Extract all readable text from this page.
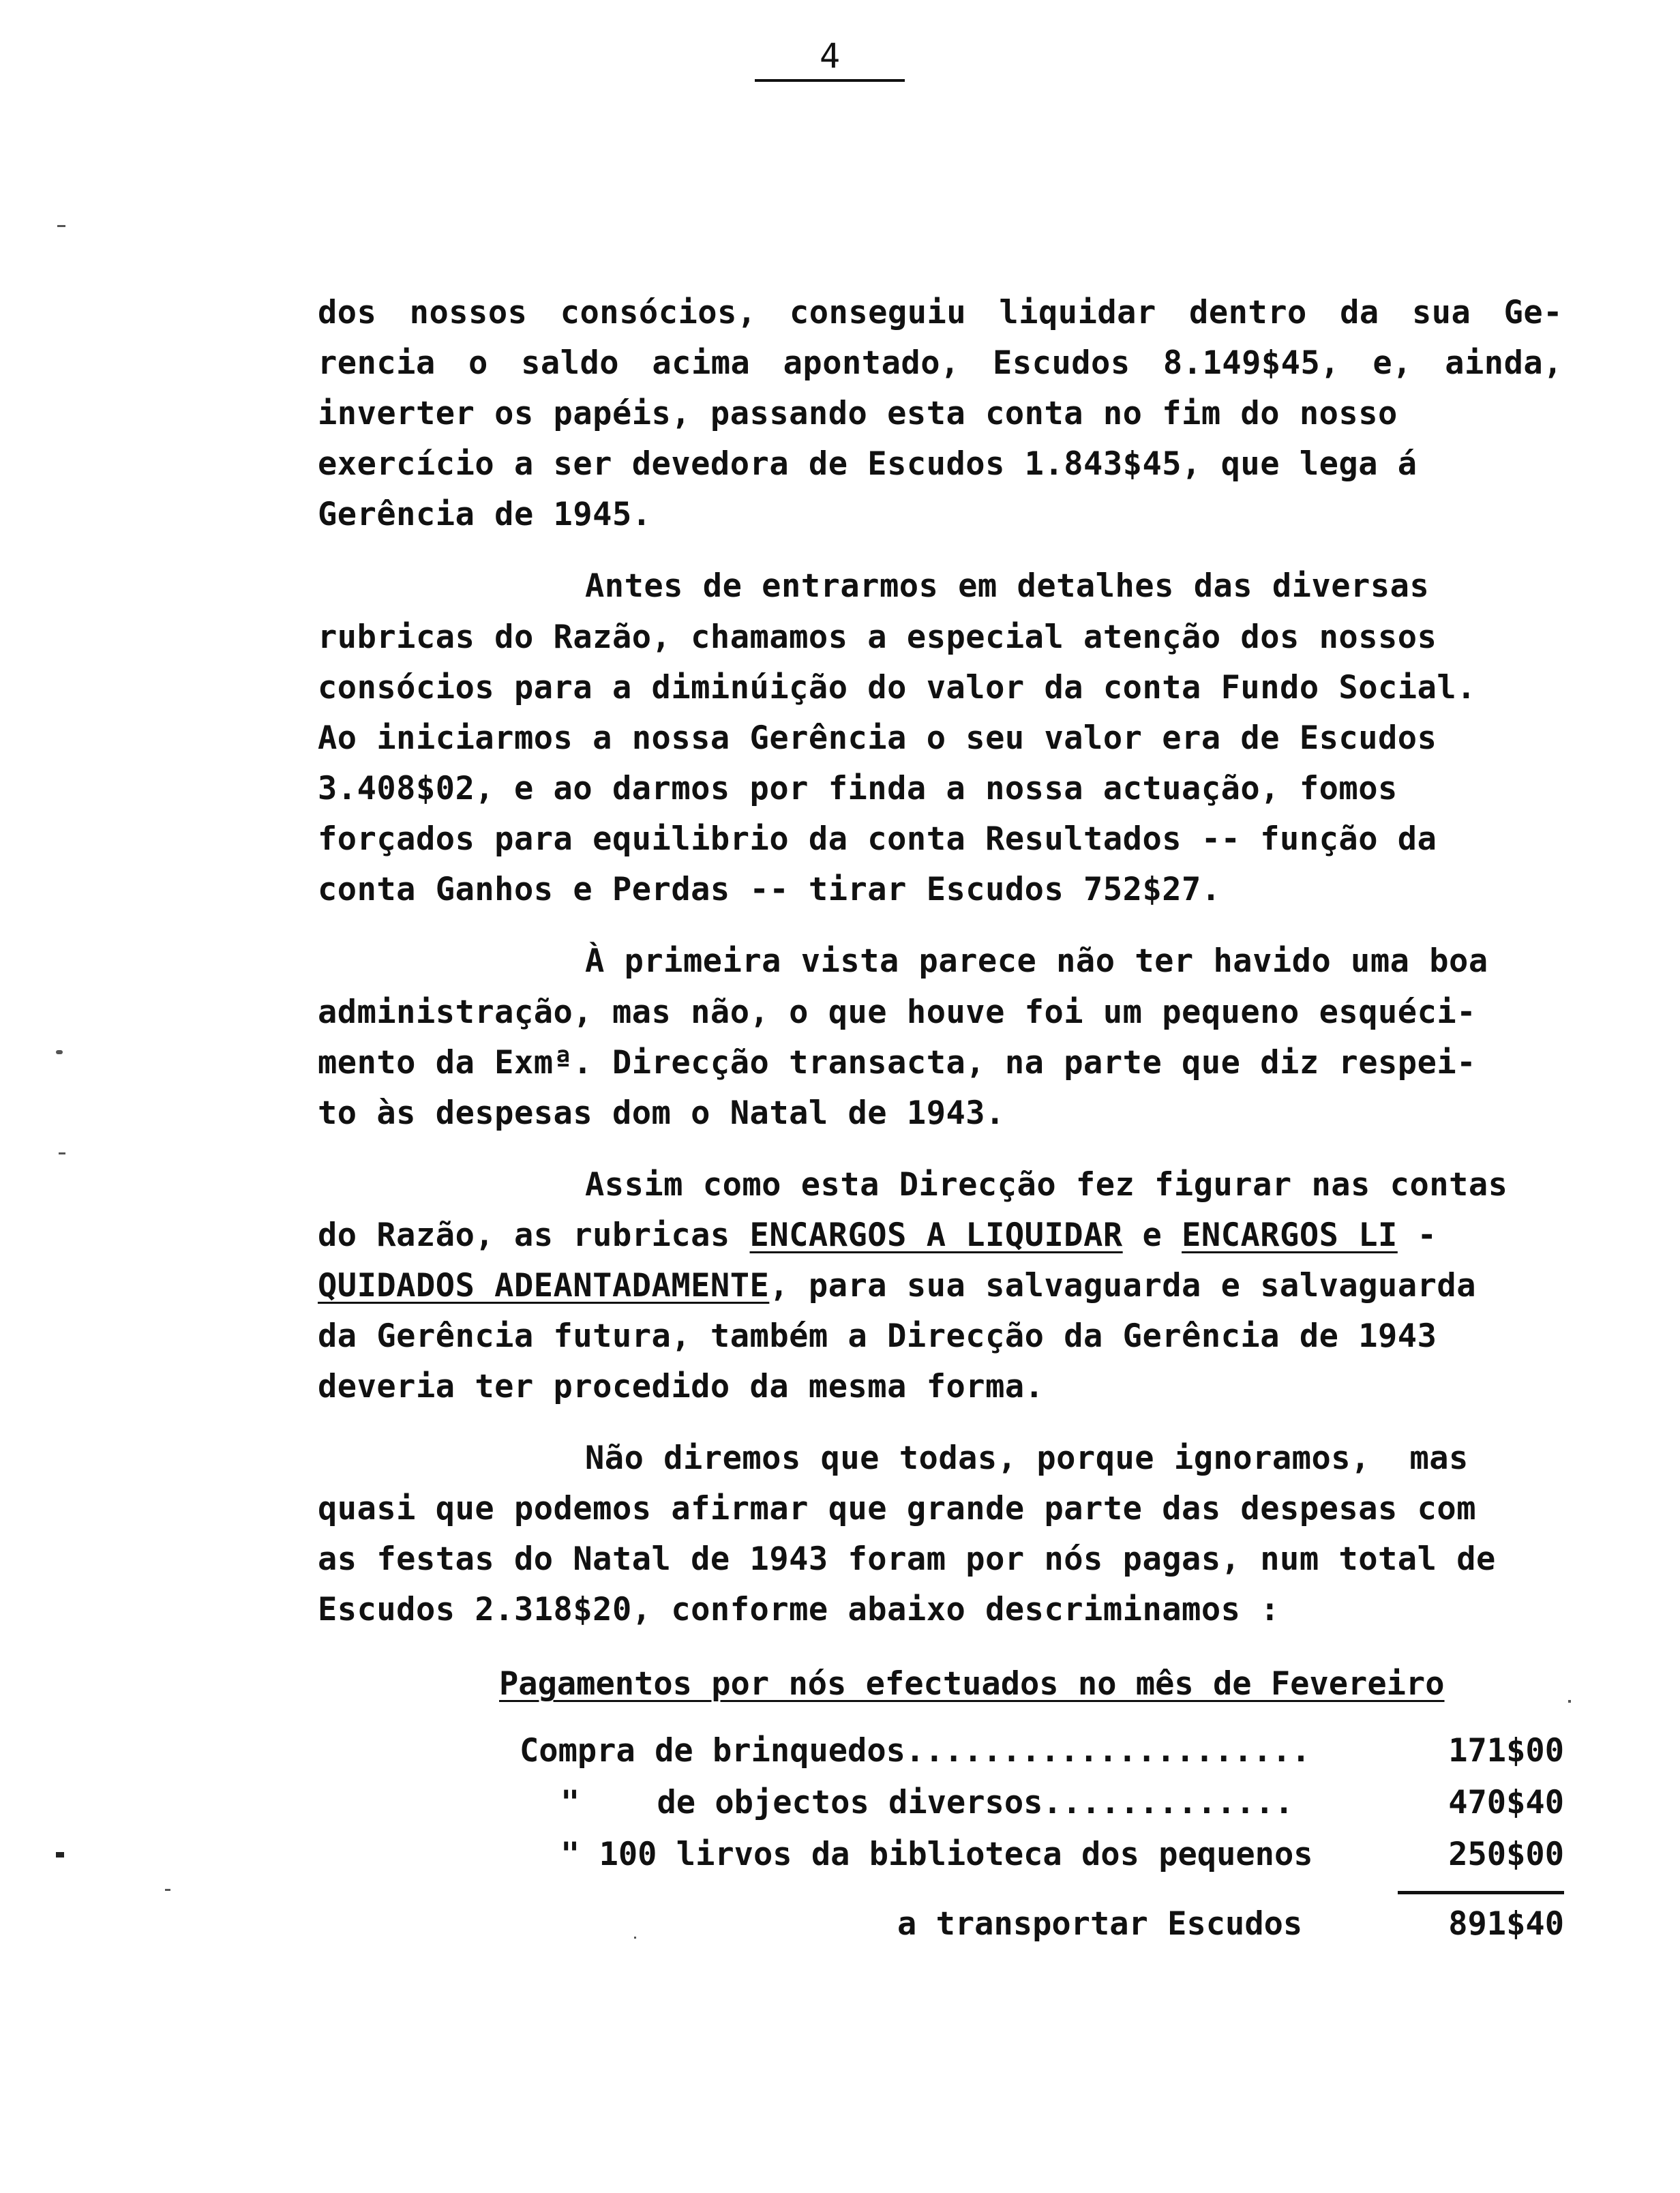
4
dos nossos consócios, conseguiu liquidar dentro da sua Ge-
rencia o saldo acima apontado, Escudos 8.149$45, e, ainda,
inverter os papéis, passando esta conta no fim do nosso
exercício a ser devedora de Escudos 1.843$45, que lega á
Gerência de 1945.
Antes de entrarmos em detalhes das diversas
rubricas do Razão, chamamos a especial atenção dos nossos
consócios para a diminúição do valor da conta Fundo Social.
Ao iniciarmos a nossa Gerência o seu valor era de Escudos
3.408$02, e ao darmos por finda a nossa actuação, fomos
forçados para equilibrio da conta Resultados -- função da
conta Ganhos e Perdas -- tirar Escudos 752$27.
À primeira vista parece não ter havido uma boa
administração, mas não, o que houve foi um pequeno esquéci-
mento da Exmª. Direcção transacta, na parte que diz respei-
to às despesas dom o Natal de 1943.
Assim como esta Direcção fez figurar nas contas
do Razão, as rubricas ENCARGOS A LIQUIDAR e ENCARGOS LI -
QUIDADOS ADEANTADAMENTE, para sua salvaguarda e salvaguarda
da Gerência futura, também a Direcção da Gerência de 1943
deveria ter procedido da mesma forma.
Não diremos que todas, porque ignoramos,  mas
quasi que podemos afirmar que grande parte das despesas com
as festas do Natal de 1943 foram por nós pagas, num total de
Escudos 2.318$20, conforme abaixo descriminamos :
Pagamentos por nós efectuados no mês de Fevereiro
Compra de brinquedos.....................	171$00
"    de objectos diversos.............	470$40
" 100 lirvos da biblioteca dos pequenos	250$00
a transportar Escudos	891$40
